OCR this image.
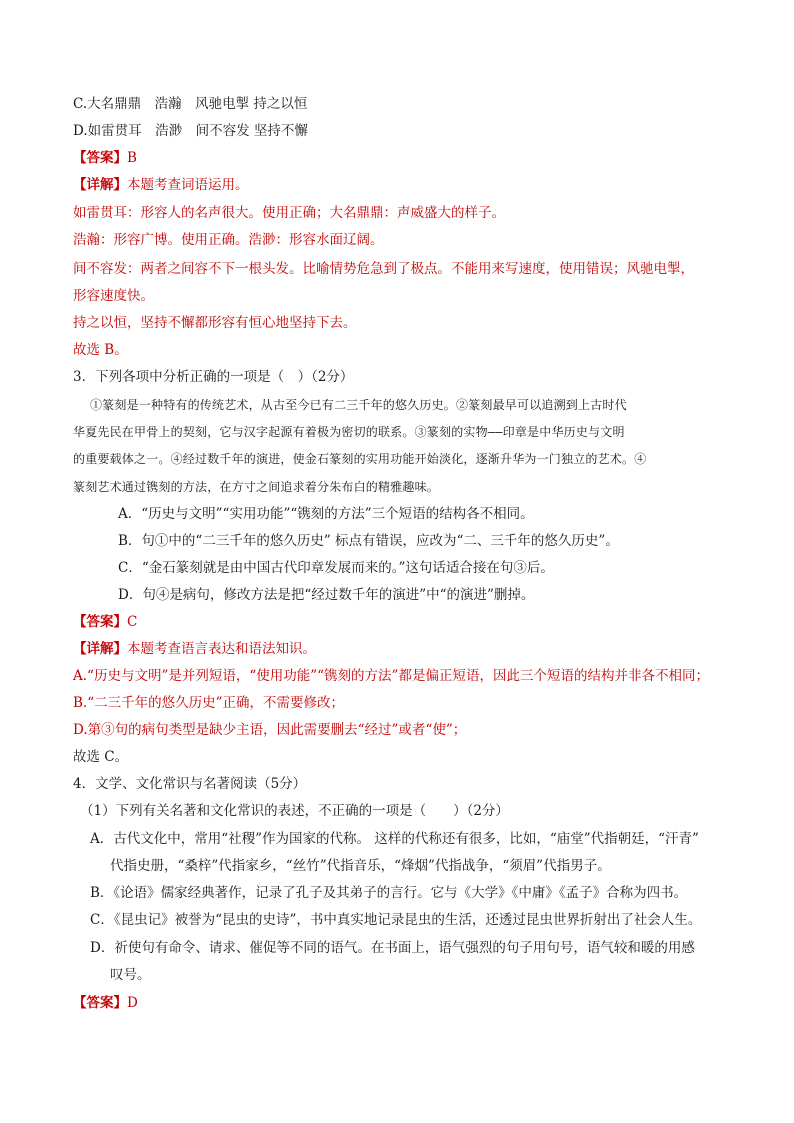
C.大名鼎鼎　浩瀚　风驰电掣 持之以恒
D.如雷贯耳　浩渺　间不容发 坚持不懈
【答案】B
【详解】本题考查词语运用。
如雷贯耳：形容人的名声很大。使用正确；大名鼎鼎：声威盛大的样子。
浩瀚：形容广博。使用正确。浩渺：形容水面辽阔。
间不容发：两者之间容不下一根头发。比喻情势危急到了极点。不能用来写速度，使用错误；风驰电掣，
形容速度快。
持之以恒，坚持不懈都形容有恒心地坚持下去。
故选 B。
3．下列各项中分析正确的一项是（　）（2分）
①篆刻是一种特有的传统艺术，从古至今已有二三千年的悠久历史。②篆刻最早可以追溯到上古时代
华夏先民在甲骨上的契刻，它与汉字起源有着极为密切的联系。③篆刻的实物——印章是中华历史与文明
的重要载体之一。④经过数千年的演进，使金石篆刻的实用功能开始淡化，逐渐升华为一门独立的艺术。④
篆刻艺术通过镌刻的方法，在方寸之间追求着分朱布白的精雅趣味。
A．“历史与文明”“实用功能”“镌刻的方法”三个短语的结构各不相同。
B．句①中的“二三千年的悠久历史” 标点有错误，应改为“二、三千年的悠久历史”。
C．“金石篆刻就是由中国古代印章发展而来的。”这句话适合接在句③后。
D．句④是病句，修改方法是把“经过数千年的演进”中“的演进”删掉。
【答案】C
【详解】本题考查语言表达和语法知识。
A.“历史与文明”是并列短语，“使用功能”“镌刻的方法”都是偏正短语，因此三个短语的结构并非各不相同；
B.“二三千年的悠久历史”正确，不需要修改；
D.第③句的病句类型是缺少主语，因此需要删去“经过”或者“使”；
故选 C。
4．文学、文化常识与名著阅读（5分）
（1）下列有关名著和文化常识的表述，不正确的一项是（　　）（2分）
A．古代文化中，常用“社稷”作为国家的代称。 这样的代称还有很多，比如，“庙堂”代指朝廷，“汗青”
代指史册，“桑梓”代指家乡，“丝竹”代指音乐，“烽烟”代指战争，“须眉”代指男子。
B．《论语》儒家经典著作，记录了孔子及其弟子的言行。它与《大学》《中庸》《孟子》合称为四书。
C．《昆虫记》被誉为“昆虫的史诗”，书中真实地记录昆虫的生活，还透过昆虫世界折射出了社会人生。
D．祈使句有命令、请求、催促等不同的语气。在书面上，语气强烈的句子用句号，语气较和暖的用感
叹号。
【答案】D
